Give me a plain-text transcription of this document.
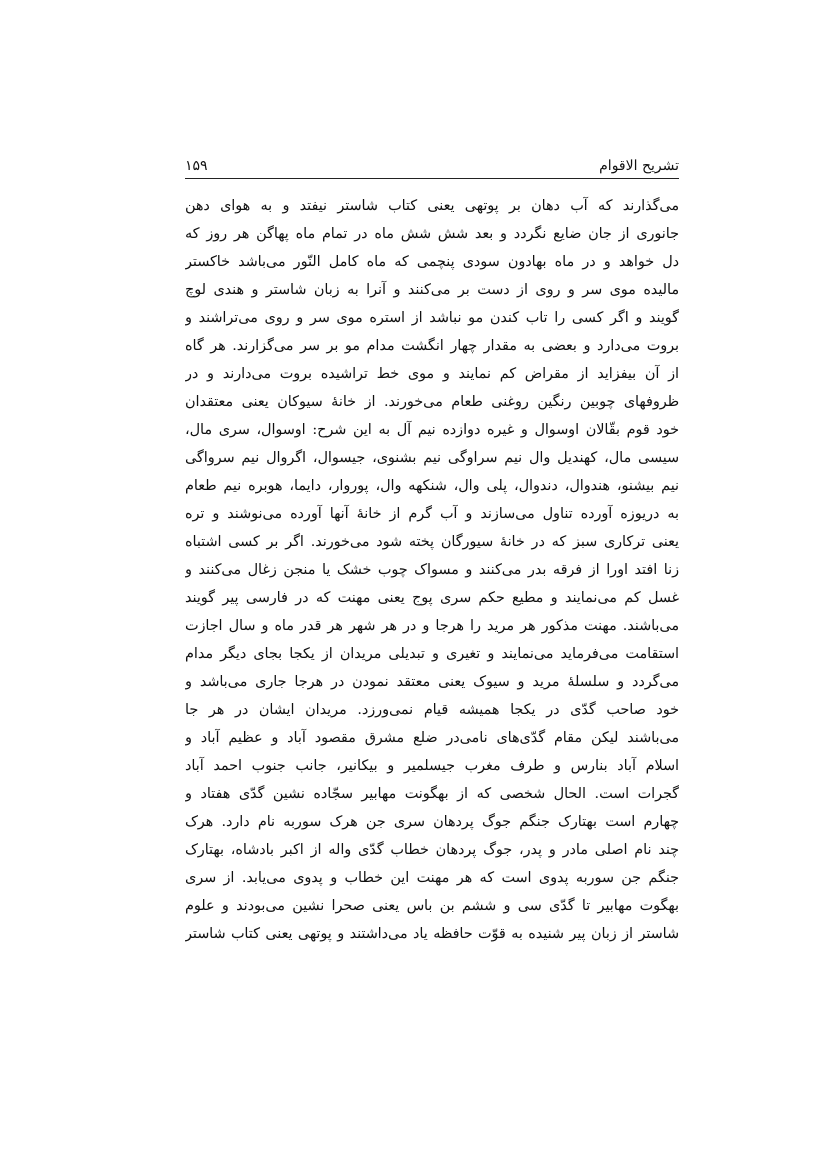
تشریح الاقوام
۱۵۹
می‌گذارند که آب دهان بر پوتهی یعنی کتاب شاستر نیفتد و به هوای دهن
جانوری از جان ضایع نگردد و بعد شش شش ماه در تمام ماه پهاگن هر روز که
دل خواهد و در ماه بهادون سودی پنچمی که ماه کامل النّور می‌باشد خاکستر
مالیده موی سر و روی از دست بر می‌کنند و آنرا به زبان شاستر و هندی لوچ
گویند و اگر کسی را تاب کندن مو نباشد از استره موی سر و روی می‌تراشند و
بروت می‌دارد و بعضی به مقدار چهار انگشت مدام مو بر سر می‌گزارند. هر گاه
از آن بیفزاید از مقراض کم نمایند و موی خط تراشیده بروت می‌دارند و در
ظروفهای چوبین رنگین روغنی طعام می‌خورند. از خانۀ سیوکان یعنی معتقدان
خود قوم بقّالان اوسوال و غیره دوازده نیم آل به این شرح: اوسوال، سری مال،
سیسی مال، کهندیل وال نیم سراوگی نیم بشنوی، جیسوال، اگروال نیم سرواگی
نیم بیشنو، هندوال، دندوال، پلی وال، شنکهه وال، پوروار، دایما، هوبره نیم طعام
به دریوزه آورده تناول می‌سازند و آب گرم از خانۀ آنها آورده می‌نوشند و تره
یعنی ترکاری سبز که در خانۀ سیورگان پخته شود می‌خورند. اگر بر کسی اشتباه
زنا افتد اورا از فرقه بدر می‌کنند و مسواک چوب خشک یا منجن زغال می‌کنند و
غسل کم می‌نمایند و مطیع حکم سری پوج یعنی مهنت که در فارسی پیر گویند
می‌باشند. مهنت مذکور هر مرید را هرجا و در هر شهر هر قدر ماه و سال اجازت
استقامت می‌فرماید می‌نمایند و تغیری و تبدیلی مریدان از یکجا بجای دیگر مدام
می‌گردد و سلسلۀ مرید و سیوک یعنی معتقد نمودن در هرجا جاری می‌باشد و
خود صاحب گدّی در یکجا همیشه قیام نمی‌ورزد. مریدان ایشان در هر جا
می‌باشند لیکن مقام گدّی‌های نامی‌در ضلع مشرق مقصود آباد و عظیم آباد و
اسلام آباد بنارس و طرف مغرب جیسلمیر و بیکانیر، جانب جنوب احمد آباد
گجرات است. الحال شخصی که از بهگونت مهابیر سجّاده نشین گدّی هفتاد و
چهارم است بهتارک جنگم جوگ پردهان سری جن هرک سوربه نام دارد. هرک
چند نام اصلی مادر و پدر، جوگ پردهان خطاب گدّی واله از اکبر بادشاه، بهتارک
جنگم جن سوربه پدوی است که هر مهنت این خطاب و پدوی می‌یابد. از سری
بهگوت مهابیر تا گدّی سی و ششم بن باس یعنی صحرا نشین می‌بودند و علوم
شاستر از زبان پیر شنیده به قوّت حافظه یاد می‌داشتند و پوتهی یعنی کتاب شاستر
